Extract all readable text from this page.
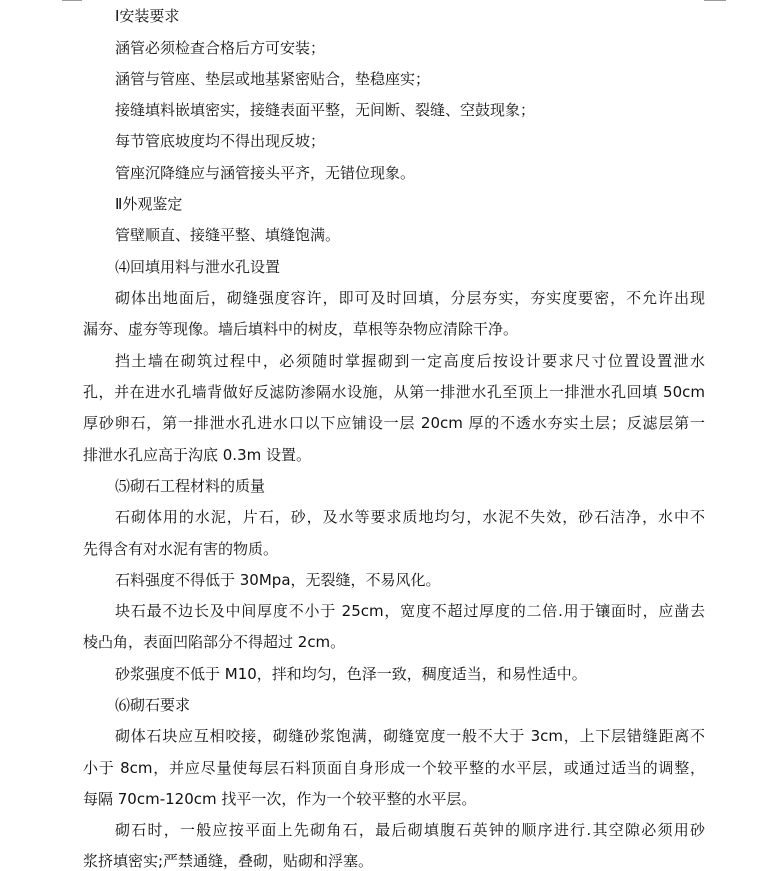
Ⅰ安装要求
涵管必须检查合格后方可安装；
涵管与管座、垫层或地基紧密贴合，垫稳座实；
接缝填料嵌填密实，接缝表面平整，无间断、裂缝、空鼓现象；
每节管底坡度均不得出现反坡；
管座沉降缝应与涵管接头平齐，无错位现象。
Ⅱ外观鉴定
管壁顺直、接缝平整、填缝饱满。
⑷回填用料与泄水孔设置
砌体出地面后，砌缝强度容许，即可及时回填，分层夯实，夯实度要密，不允许出现
漏夯、虚夯等现像。墙后填料中的树皮，草根等杂物应清除干净。
挡土墙在砌筑过程中，必须随时掌握砌到一定高度后按设计要求尺寸位置设置泄水
孔，并在进水孔墙背做好反滤防渗隔水设施，从第一排泄水孔至顶上一排泄水孔回填 50cm
厚砂卵石，第一排泄水孔进水口以下应铺设一层 20cm 厚的不透水夯实土层；反滤层第一
排泄水孔应高于沟底 0.3m 设置。
⑸砌石工程材料的质量
石砌体用的水泥，片石，砂，及水等要求质地均匀，水泥不失效，砂石洁净，水中不
先得含有对水泥有害的物质。
石料强度不得低于 30Mpa，无裂缝，不易风化。
块石最不边长及中间厚度不小于 25cm，宽度不超过厚度的二倍.用于镶面时，应凿去
棱凸角，表面凹陷部分不得超过 2cm。
砂浆强度不低于 M10，拌和均匀，色泽一致，稠度适当，和易性适中。
⑹砌石要求
砌体石块应互相咬接，砌缝砂浆饱满，砌缝宽度一般不大于 3cm，上下层错缝距离不
小于 8cm，并应尽量使每层石料顶面自身形成一个较平整的水平层，或通过适当的调整，
每隔 70cm-120cm 找平一次，作为一个较平整的水平层。
砌石时，一般应按平面上先砌角石，最后砌填腹石英钟的顺序进行.其空隙必须用砂
浆挤填密实;严禁通缝，叠砌，贴砌和浮塞。
